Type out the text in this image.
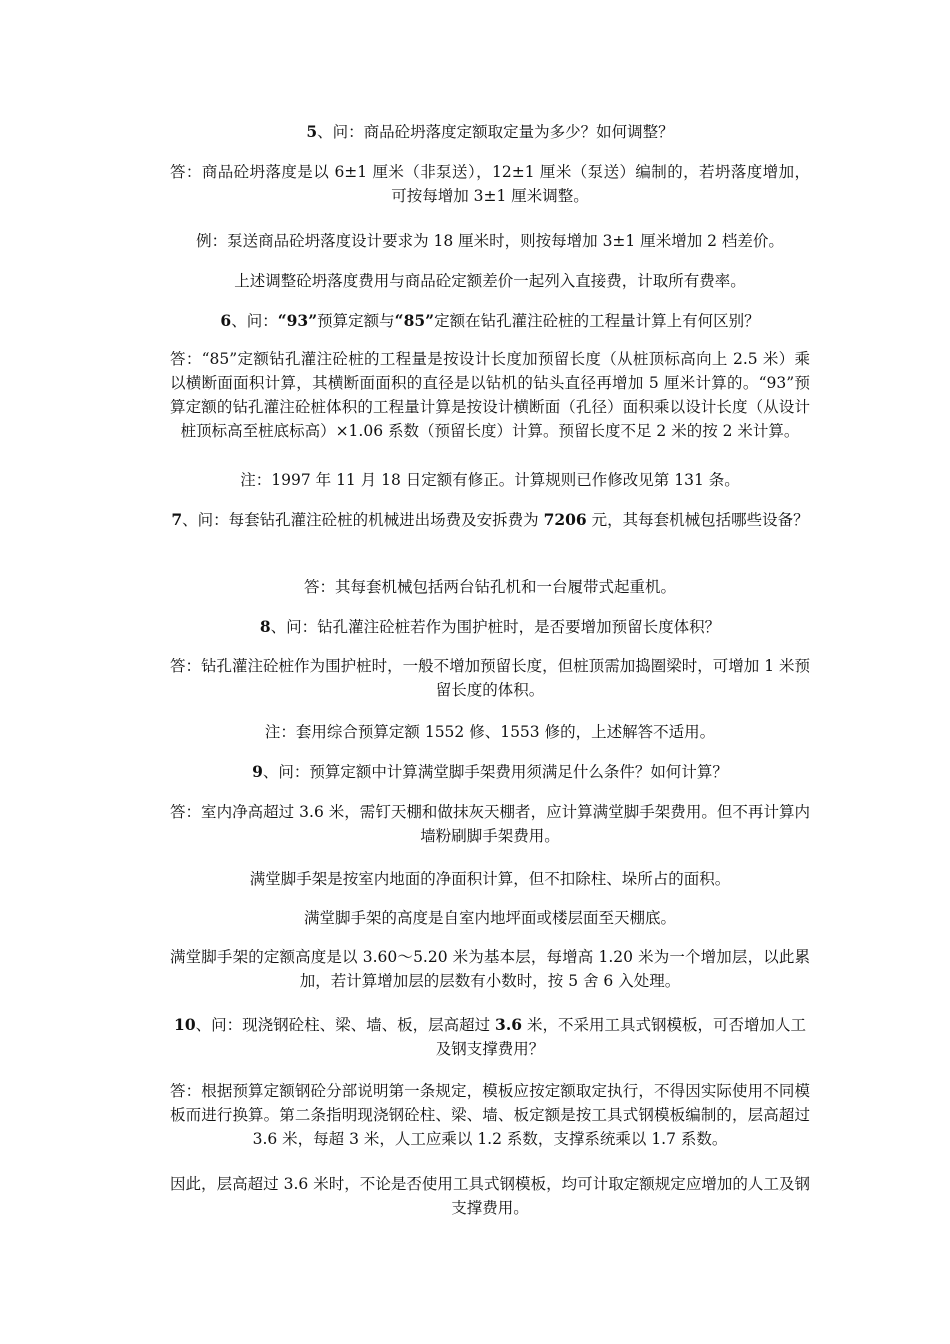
5、问：商品砼坍落度定额取定量为多少？如何调整？

答：商品砼坍落度是以 6±1 厘米（非泵送），12±1 厘米（泵送）编制的，若坍落度增加，可按每增加 3±1 厘米调整。

例：泵送商品砼坍落度设计要求为 18 厘米时，则按每增加 3±1 厘米增加 2 档差价。

上述调整砼坍落度费用与商品砼定额差价一起列入直接费，计取所有费率。

6、问：“93”预算定额与“85”定额在钻孔灌注砼桩的工程量计算上有何区别？

答：“85”定额钻孔灌注砼桩的工程量是按设计长度加预留长度（从桩顶标高向上 2.5 米）乘以横断面面积计算，其横断面面积的直径是以钻机的钻头直径再增加 5 厘米计算的。“93”预算定额的钻孔灌注砼桩体积的工程量计算是按设计横断面（孔径）面积乘以设计长度（从设计桩顶标高至桩底标高）×1.06 系数（预留长度）计算。预留长度不足 2 米的按 2 米计算。

注：1997 年 11 月 18 日定额有修正。计算规则已作修改见第 131 条。

7、问：每套钻孔灌注砼桩的机械进出场费及安拆费为 7206 元，其每套机械包括哪些设备？

答：其每套机械包括两台钻孔机和一台履带式起重机。

8、问：钻孔灌注砼桩若作为围护桩时，是否要增加预留长度体积？

答：钻孔灌注砼桩作为围护桩时，一般不增加预留长度，但桩顶需加捣圈梁时，可增加 1 米预留长度的体积。

注：套用综合预算定额 1552 修、1553 修的，上述解答不适用。

9、问：预算定额中计算满堂脚手架费用须满足什么条件？如何计算？

答：室内净高超过 3.6 米，需钉天棚和做抹灰天棚者，应计算满堂脚手架费用。但不再计算内墙粉刷脚手架费用。

满堂脚手架是按室内地面的净面积计算，但不扣除柱、垛所占的面积。

满堂脚手架的高度是自室内地坪面或楼层面至天棚底。

满堂脚手架的定额高度是以 3.60～5.20 米为基本层，每增高 1.20 米为一个增加层，以此累加，若计算增加层的层数有小数时，按 5 舍 6 入处理。

10、问：现浇钢砼柱、梁、墙、板，层高超过 3.6 米，不采用工具式钢模板，可否增加人工及钢支撑费用？

答：根据预算定额钢砼分部说明第一条规定，模板应按定额取定执行，不得因实际使用不同模板而进行换算。第二条指明现浇钢砼柱、梁、墙、板定额是按工具式钢模板编制的，层高超过 3.6 米，每超 3 米，人工应乘以 1.2 系数，支撑系统乘以 1.7 系数。

因此，层高超过 3.6 米时，不论是否使用工具式钢模板，均可计取定额规定应增加的人工及钢支撑费用。
